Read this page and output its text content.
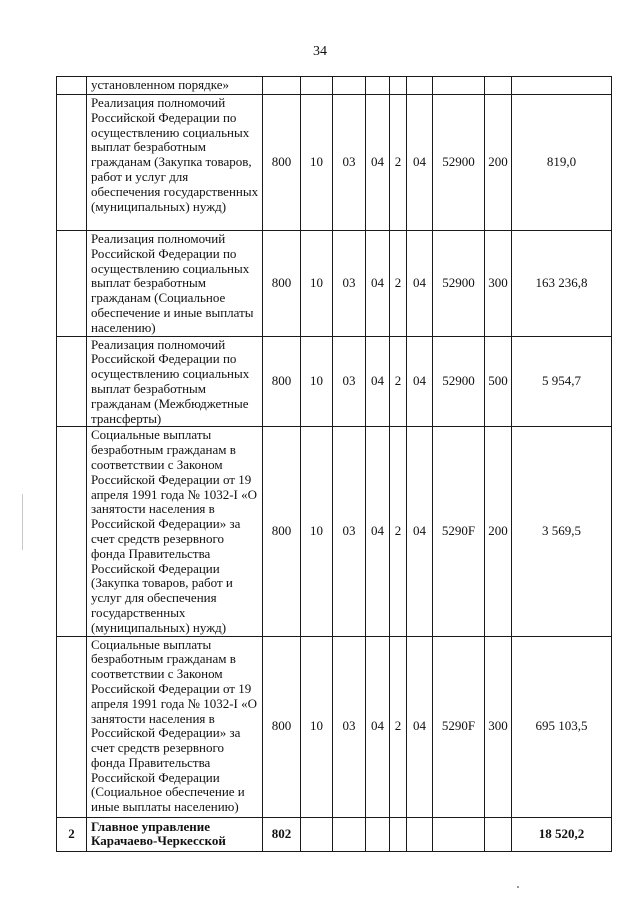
34
	установленном порядке»									
	Реализация полномочий Российской Федерации по осуществлению социальных выплат безработным гражданам (Закупка товаров, работ и услуг для обеспечения государственных (муниципальных) нужд)	800	10	03	04	2	04	52900	200	819,0
	Реализация полномочий Российской Федерации по осуществлению социальных выплат безработным гражданам (Социальное обеспечение и иные выплаты населению)	800	10	03	04	2	04	52900	300	163 236,8
	Реализация полномочий Российской Федерации по осуществлению социальных выплат безработным гражданам (Межбюджетные трансферты)	800	10	03	04	2	04	52900	500	5 954,7
	Социальные выплаты безработным гражданам в соответствии с Законом Российской Федерации от 19 апреля 1991 года № 1032-I «О занятости населения в Российской Федерации» за счет средств резервного фонда Правительства Российской Федерации (Закупка товаров, работ и услуг для обеспечения государственных (муниципальных) нужд)	800	10	03	04	2	04	5290F	200	3 569,5
	Социальные выплаты безработным гражданам в соответствии с Законом Российской Федерации от 19 апреля 1991 года № 1032-I «О занятости населения в Российской Федерации» за счет средств резервного фонда Правительства Российской Федерации (Социальное обеспечение и иные выплаты населению)	800	10	03	04	2	04	5290F	300	695 103,5
2	Главное управление Карачаево-Черкесской	802								18 520,2
